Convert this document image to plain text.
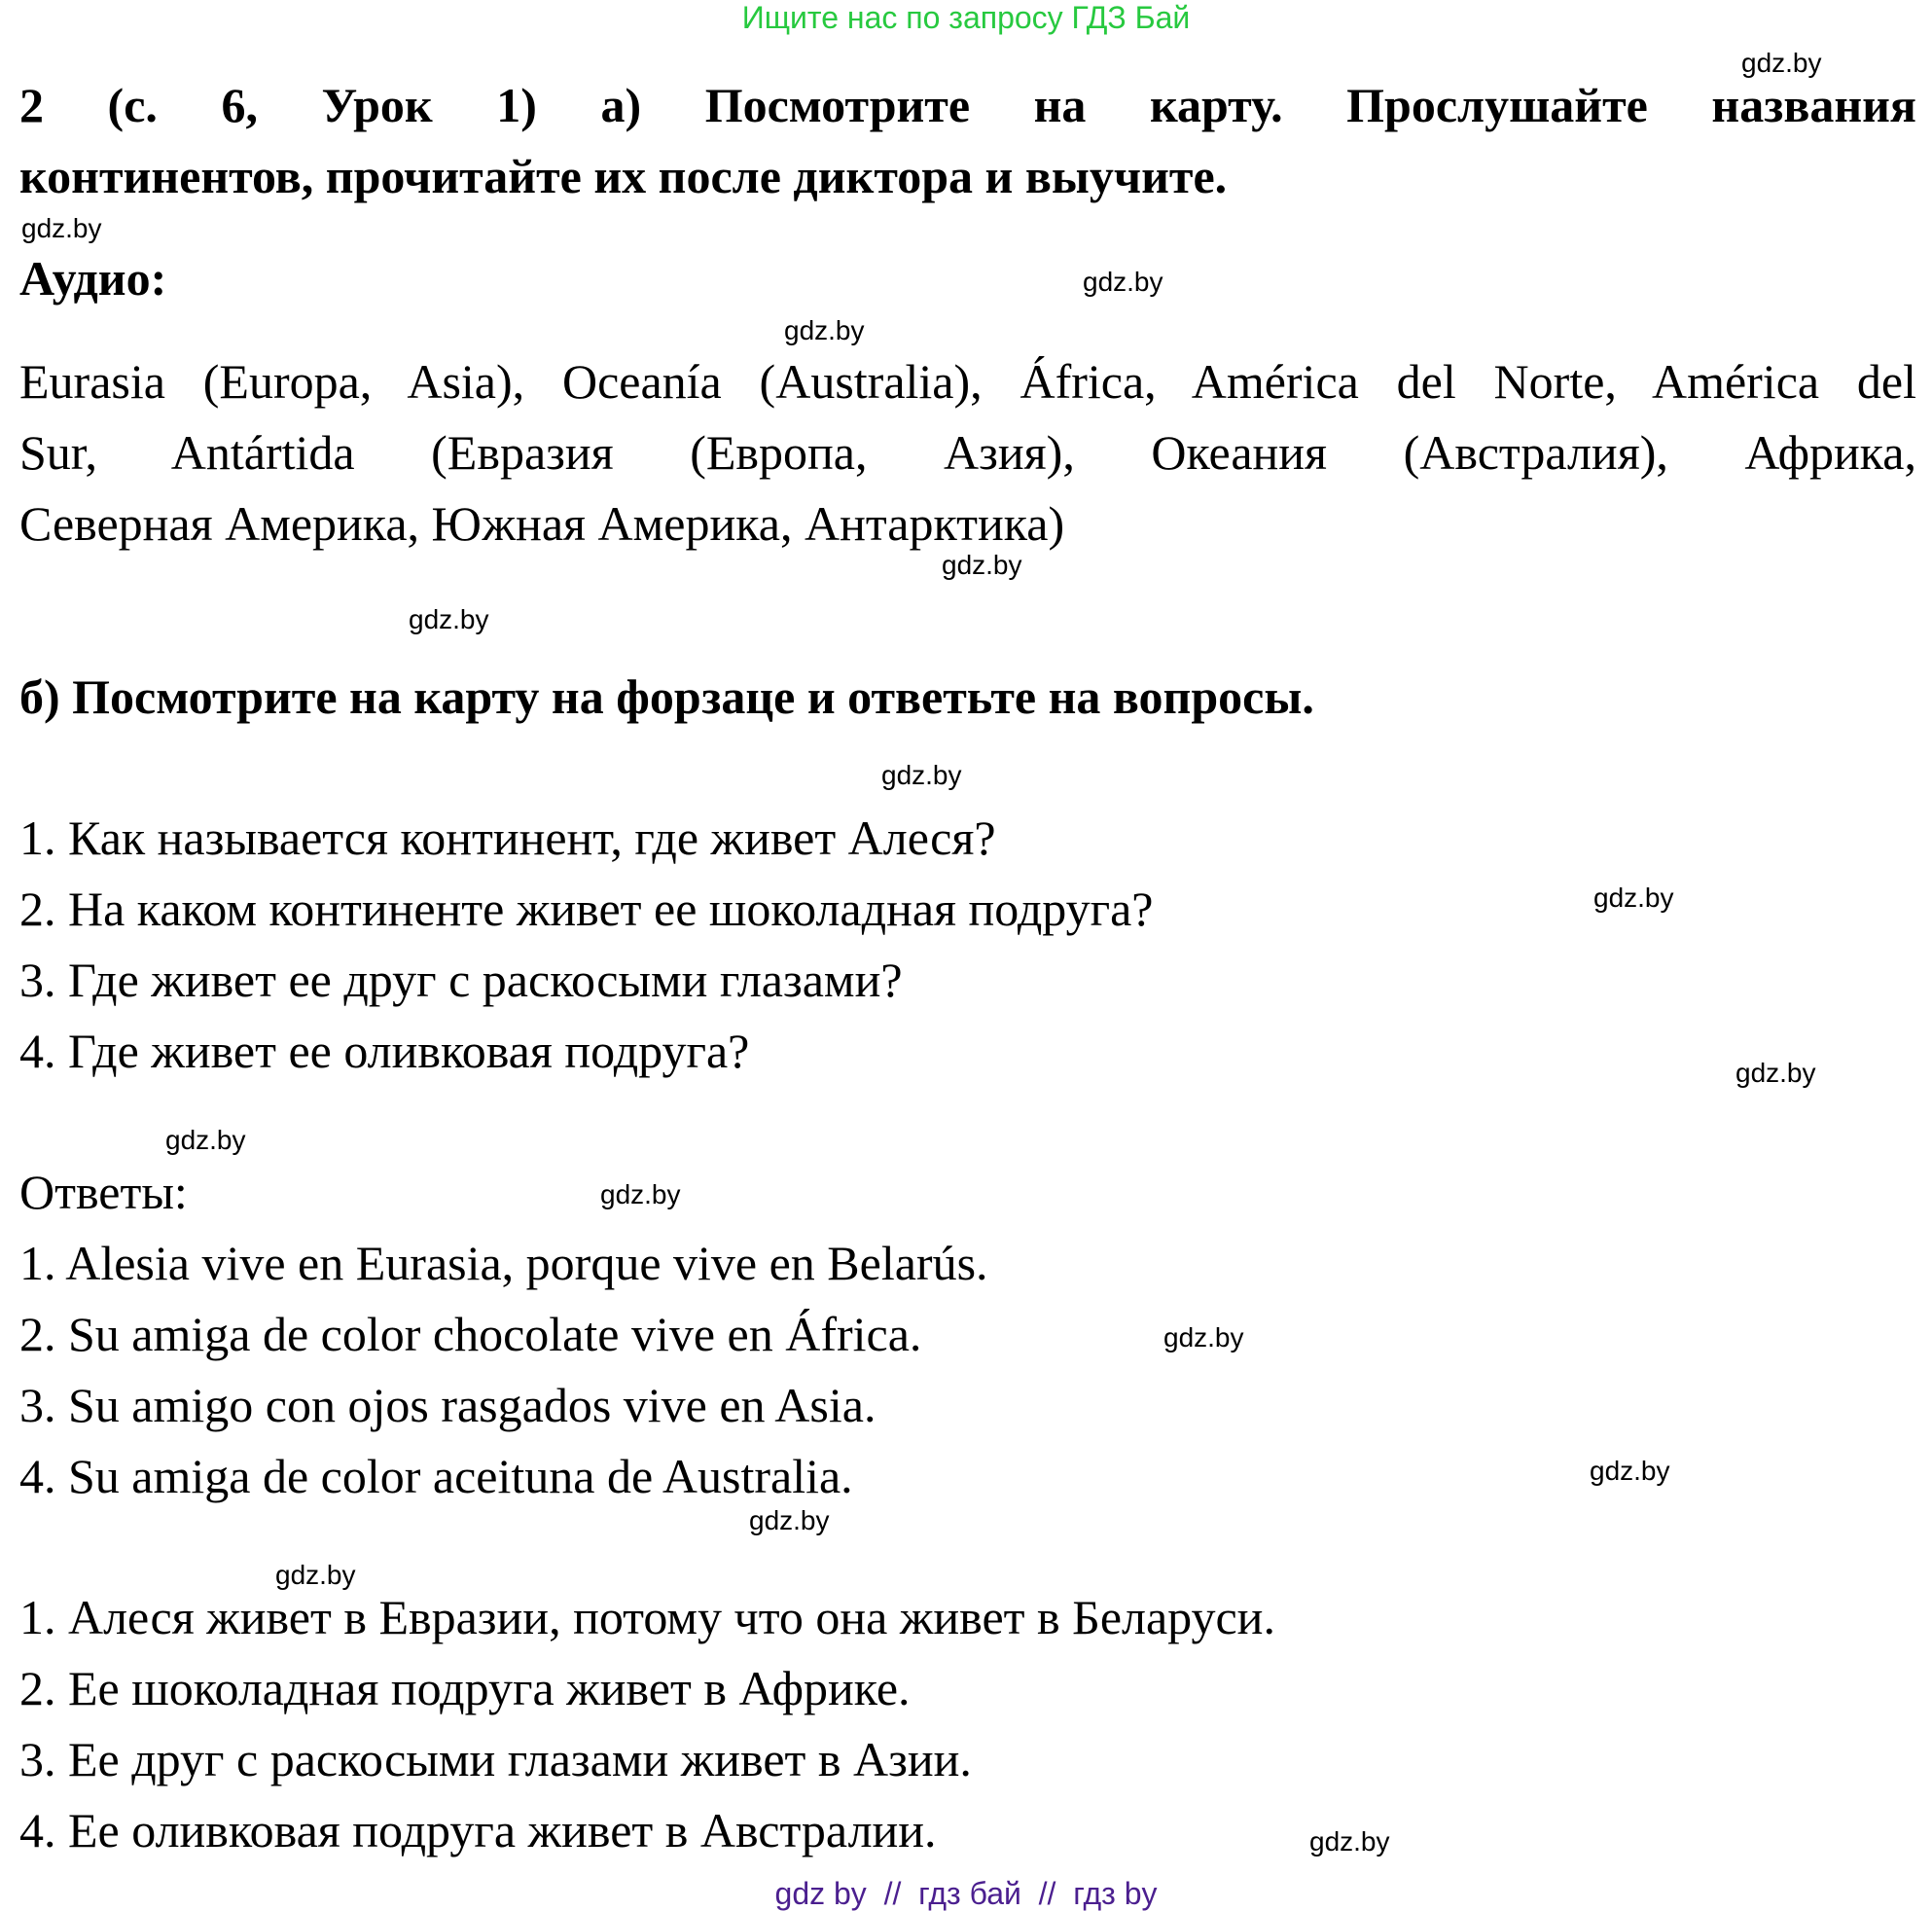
Ищите нас по запросу ГДЗ Бай
gdz.by
gdz.by
gdz.by
gdz.by
gdz.by
gdz.by
gdz.by
gdz.by
gdz.by
gdz.by
gdz.by
gdz.by
gdz.by
gdz.by
gdz.by
gdz.by
2 (с. 6, Урок 1) а) Посмотрите на карту. Прослушайте названия
континентов, прочитайте их после диктора и выучите.
Аудио:
Eurasia (Europa, Asia), Oceanía (Australia), África, América del Norte, América del
Sur, Antártida (Евразия (Европа, Азия), Океания (Австралия), Африка,
Северная Америка, Южная Америка, Антарктика)
б) Посмотрите на карту на форзаце и ответьте на вопросы.
1. Как называется континент, где живет Алеся?
2. На каком континенте живет ее шоколадная подруга?
3. Где живет ее друг с раскосыми глазами?
4. Где живет ее оливковая подруга?
Ответы:
1. Alesia vive en Eurasia, porque vive en Belarús.
2. Su amiga de color chocolate vive en África.
3. Su amigo con ojos rasgados vive en Asia.
4. Su amiga de color aceituna de Australia.
1. Алеся живет в Евразии, потому что она живет в Беларуси.
2. Ее шоколадная подруга живет в Африке.
3. Ее друг с раскосыми глазами живет в Азии.
4. Ее оливковая подруга живет в Австралии.
gdz by  //  гдз бай  //  гдз by
